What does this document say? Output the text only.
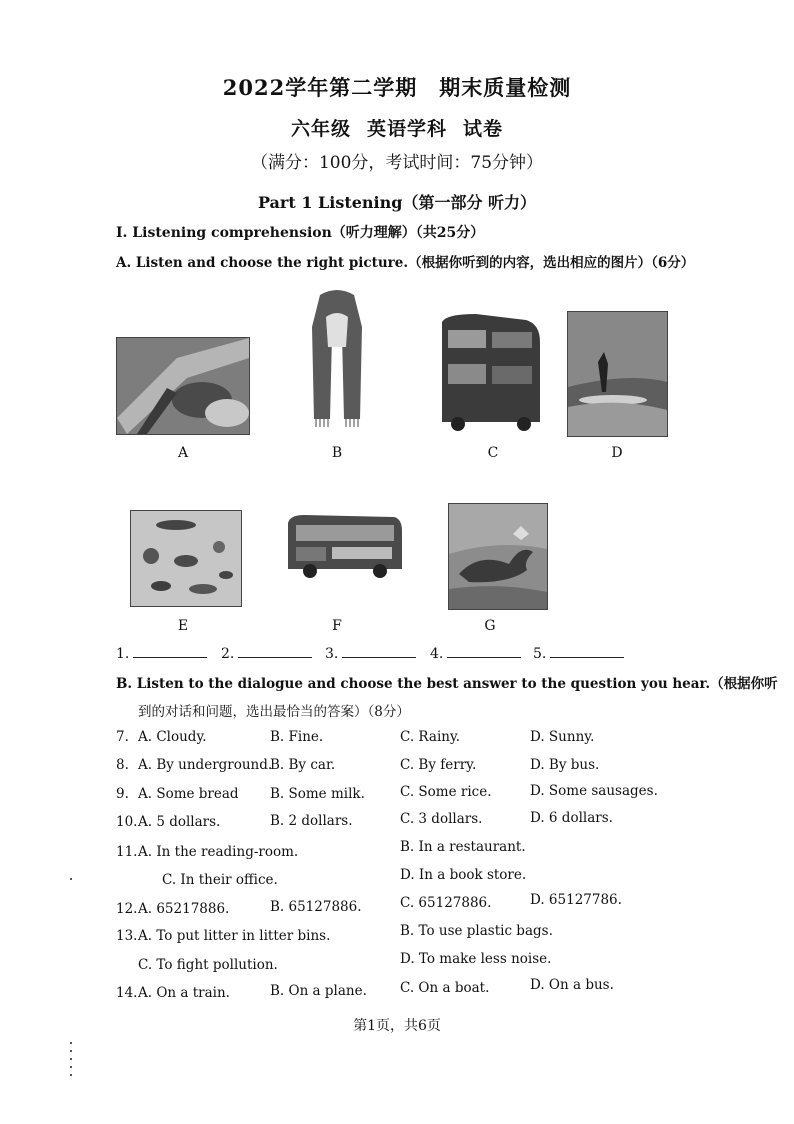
2022学年第二学期 期末质量检测
六年级 英语学科 试卷
（满分：100分，考试时间：75分钟）
Part 1 Listening（第一部分 听力）
I. Listening comprehension（听力理解）（共25分）
A. Listen and choose the right picture.（根据你听到的内容，选出相应的图片）（6分）
A	B	C	D
E	F	G
1.	2.	3.	4.	5.
B. Listen to the dialogue and choose the best answer to the question you hear.（根据你听
到的对话和问题，选出最恰当的答案）（8分）
7. A. Cloudy.	B. Fine.	C. Rainy.	D. Sunny.
8. A. By underground.
B. By car.	C. By ferry.	D. By bus.
9. A. Some bread B. Some milk.	C. Some rice.	D. Some sausages.
10. A. 5 dollars.	B. 2 dollars.	C. 3 dollars.	D. 6 dollars.
11. A. In the reading-room.	B. In a restaurant.
C. In their office.	D. In a book store.
12. A. 65217886.	B. 65127886.	C. 65127886.	D. 65127786.
13. A. To put litter in litter bins.	B. To use plastic bags.
C. To fight pollution.	D. To make less noise.
14. A. On a train.	B. On a plane. C. On a boat.	D. On a bus.
第1页，共6页
